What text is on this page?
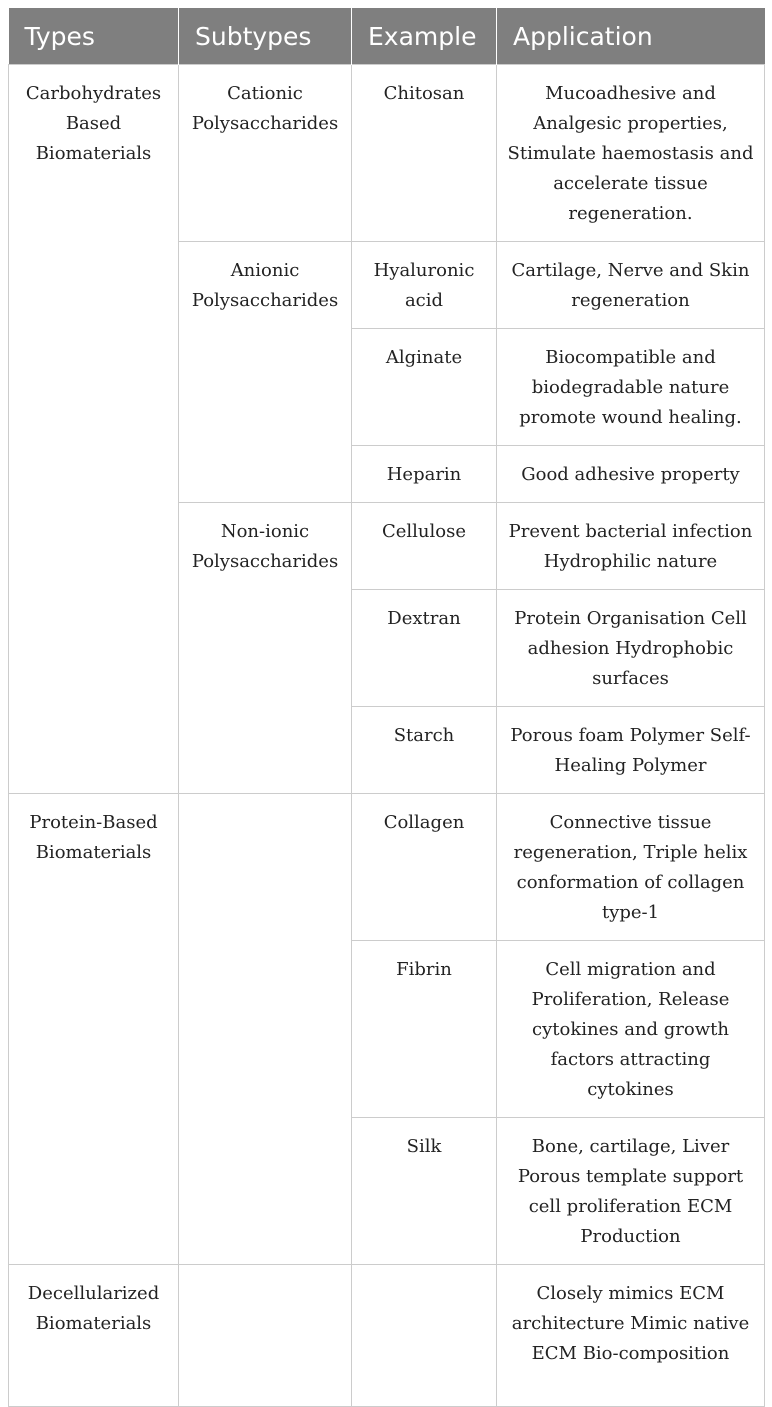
Types	Subtypes	Example	Application
Carbohydrates Based Biomaterials	Cationic Polysaccharides	Chitosan	Mucoadhesive and Analgesic properties, Stimulate haemostasis and accelerate tissue regeneration.
	Anionic Polysaccharides	Hyaluronic acid	Cartilage, Nerve and Skin regeneration
		Alginate	Biocompatible and biodegradable nature promote wound healing.
		Heparin	Good adhesive property
	Non-ionic Polysaccharides	Cellulose	Prevent bacterial infection Hydrophilic nature
		Dextran	Protein Organisation Cell adhesion Hydrophobic surfaces
		Starch	Porous foam Polymer Self-Healing Polymer
Protein-Based Biomaterials		Collagen	Connective tissue regeneration, Triple helix conformation of collagen type-1
		Fibrin	Cell migration and Proliferation, Release cytokines and growth factors attracting cytokines
		Silk	Bone, cartilage, Liver Porous template support cell proliferation ECM Production
Decellularized Biomaterials			Closely mimics ECM architecture Mimic native ECM Bio-composition
